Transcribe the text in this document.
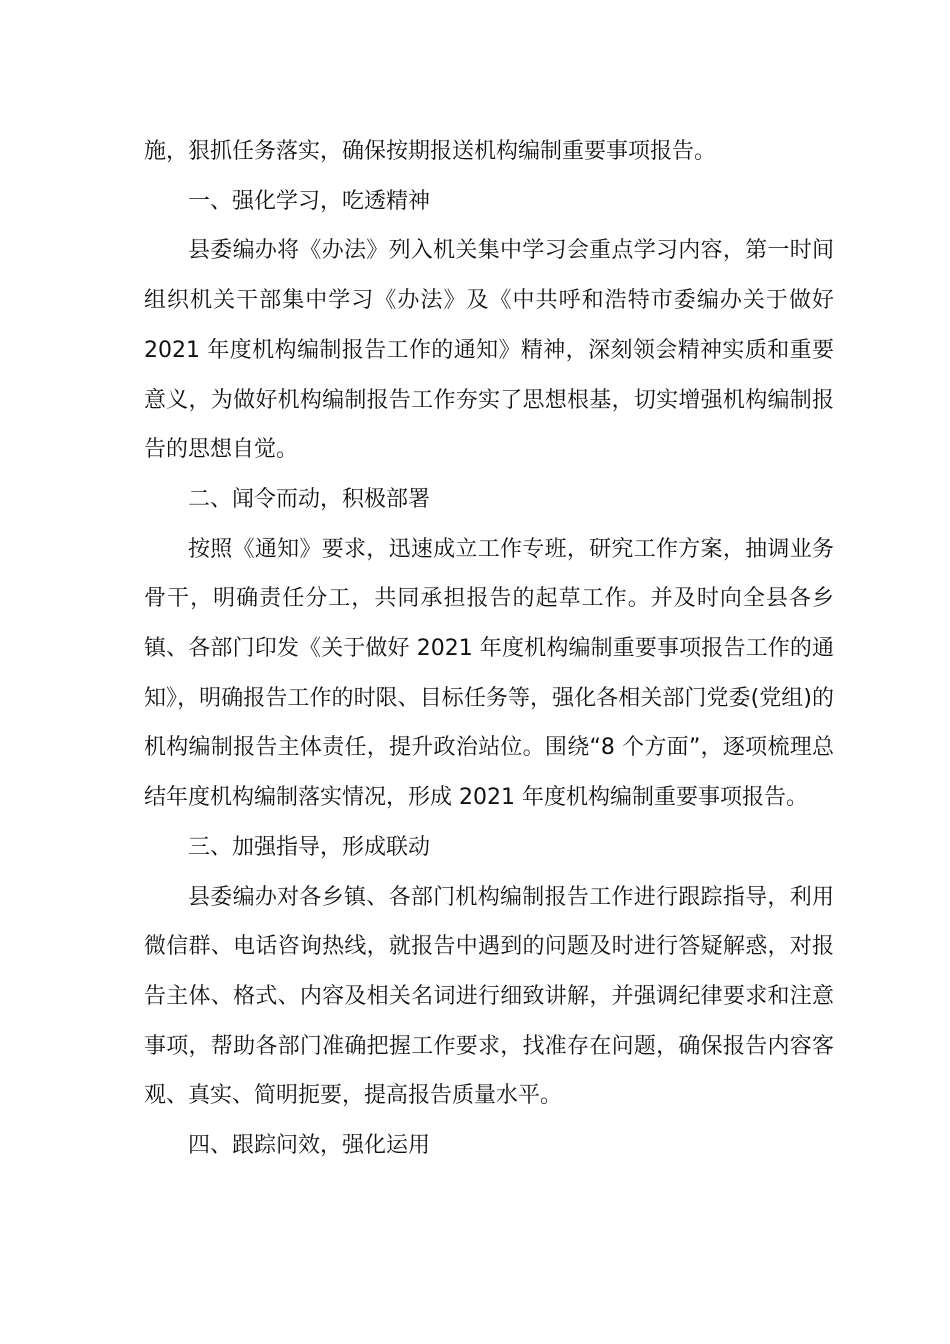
施，狠抓任务落实，确保按期报送机构编制重要事项报告。

一、强化学习，吃透精神

县委编办将《办法》列入机关集中学习会重点学习内容，第一时间组织机关干部集中学习《办法》及《中共呼和浩特市委编办关于做好 2021 年度机构编制报告工作的通知》精神，深刻领会精神实质和重要意义，为做好机构编制报告工作夯实了思想根基，切实增强机构编制报告的思想自觉。

二、闻令而动，积极部署

按照《通知》要求，迅速成立工作专班，研究工作方案，抽调业务骨干，明确责任分工，共同承担报告的起草工作。并及时向全县各乡镇、各部门印发《关于做好 2021 年度机构编制重要事项报告工作的通知》，明确报告工作的时限、目标任务等，强化各相关部门党委(党组)的机构编制报告主体责任，提升政治站位。围绕“8 个方面”，逐项梳理总结年度机构编制落实情况，形成 2021 年度机构编制重要事项报告。

三、加强指导，形成联动

县委编办对各乡镇、各部门机构编制报告工作进行跟踪指导，利用微信群、电话咨询热线，就报告中遇到的问题及时进行答疑解惑，对报告主体、格式、内容及相关名词进行细致讲解，并强调纪律要求和注意事项，帮助各部门准确把握工作要求，找准存在问题，确保报告内容客观、真实、简明扼要，提高报告质量水平。

四、跟踪问效，强化运用
